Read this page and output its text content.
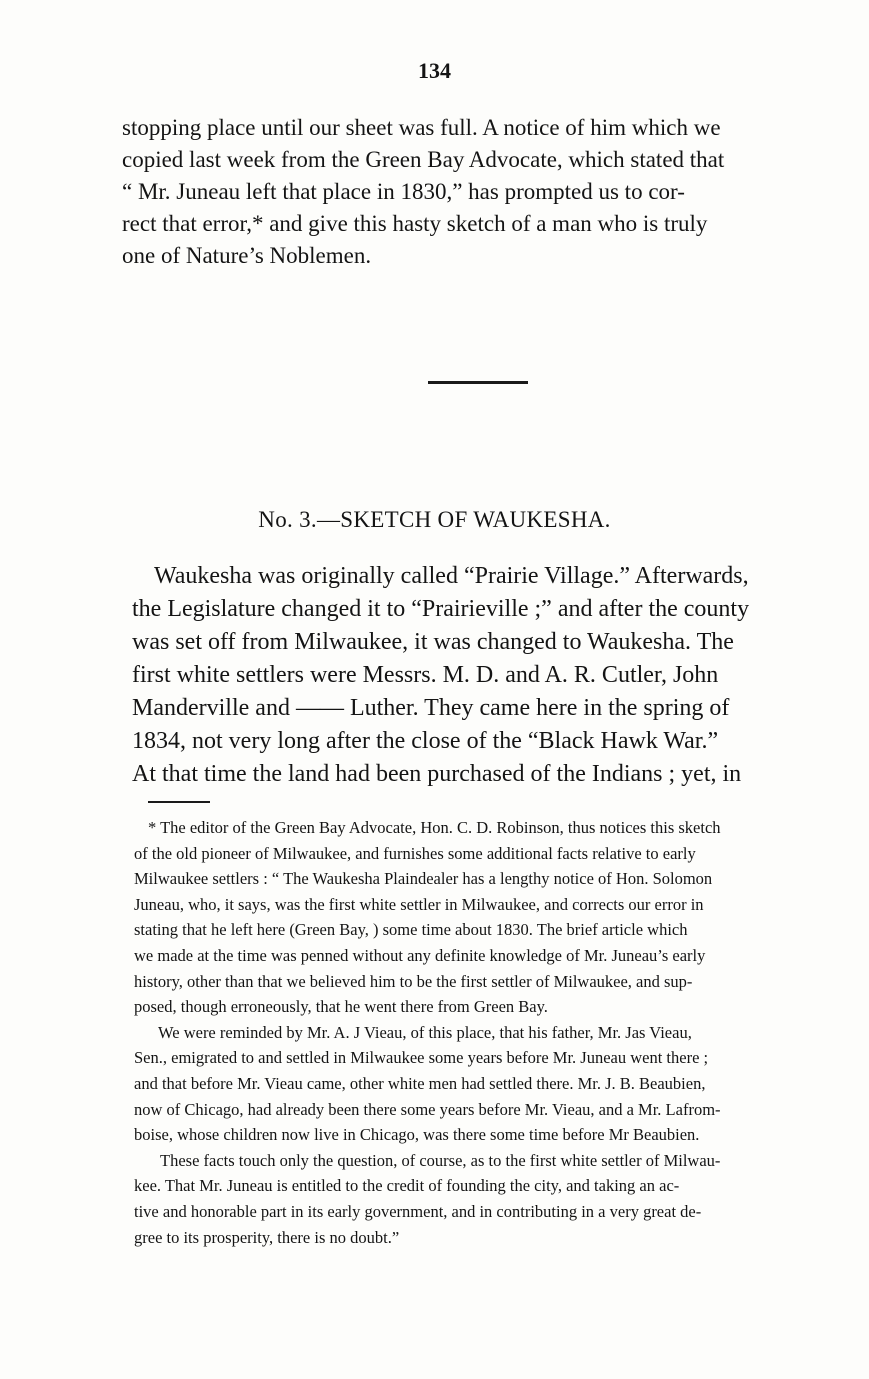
134
stopping place until our sheet was full. A notice of him which we
copied last week from the Green Bay Advocate, which stated that
“ Mr. Juneau left that place in 1830,” has prompted us to cor-
rect that error,* and give this hasty sketch of a man who is truly
one of Nature’s Noblemen.
No. 3.—SKETCH OF WAUKESHA.
Waukesha was originally called “Prairie Village.” Afterwards,
the Legislature changed it to “Prairieville ;” and after the county
was set off from Milwaukee, it was changed to Waukesha. The
first white settlers were Messrs. M. D. and A. R. Cutler, John
Manderville and —— Luther. They came here in the spring of
1834, not very long after the close of the “Black Hawk War.”
At that time the land had been purchased of the Indians ; yet, in
* The editor of the Green Bay Advocate, Hon. C. D. Robinson, thus notices this sketch
of the old pioneer of Milwaukee, and furnishes some additional facts relative to early
Milwaukee settlers : “ The Waukesha Plaindealer has a lengthy notice of Hon. Solomon
Juneau, who, it says, was the first white settler in Milwaukee, and corrects our error in
stating that he left here (Green Bay, ) some time about 1830. The brief article which
we made at the time was penned without any definite knowledge of Mr. Juneau’s early
history, other than that we believed him to be the first settler of Milwaukee, and sup-
posed, though erroneously, that he went there from Green Bay.
We were reminded by Mr. A. J Vieau, of this place, that his father, Mr. Jas Vieau,
Sen., emigrated to and settled in Milwaukee some years before Mr. Juneau went there ;
and that before Mr. Vieau came, other white men had settled there. Mr. J. B. Beaubien,
now of Chicago, had already been there some years before Mr. Vieau, and a Mr. Lafrom-
boise, whose children now live in Chicago, was there some time before Mr Beaubien.
These facts touch only the question, of course, as to the first white settler of Milwau-
kee. That Mr. Juneau is entitled to the credit of founding the city, and taking an ac-
tive and honorable part in its early government, and in contributing in a very great de-
gree to its prosperity, there is no doubt.”
